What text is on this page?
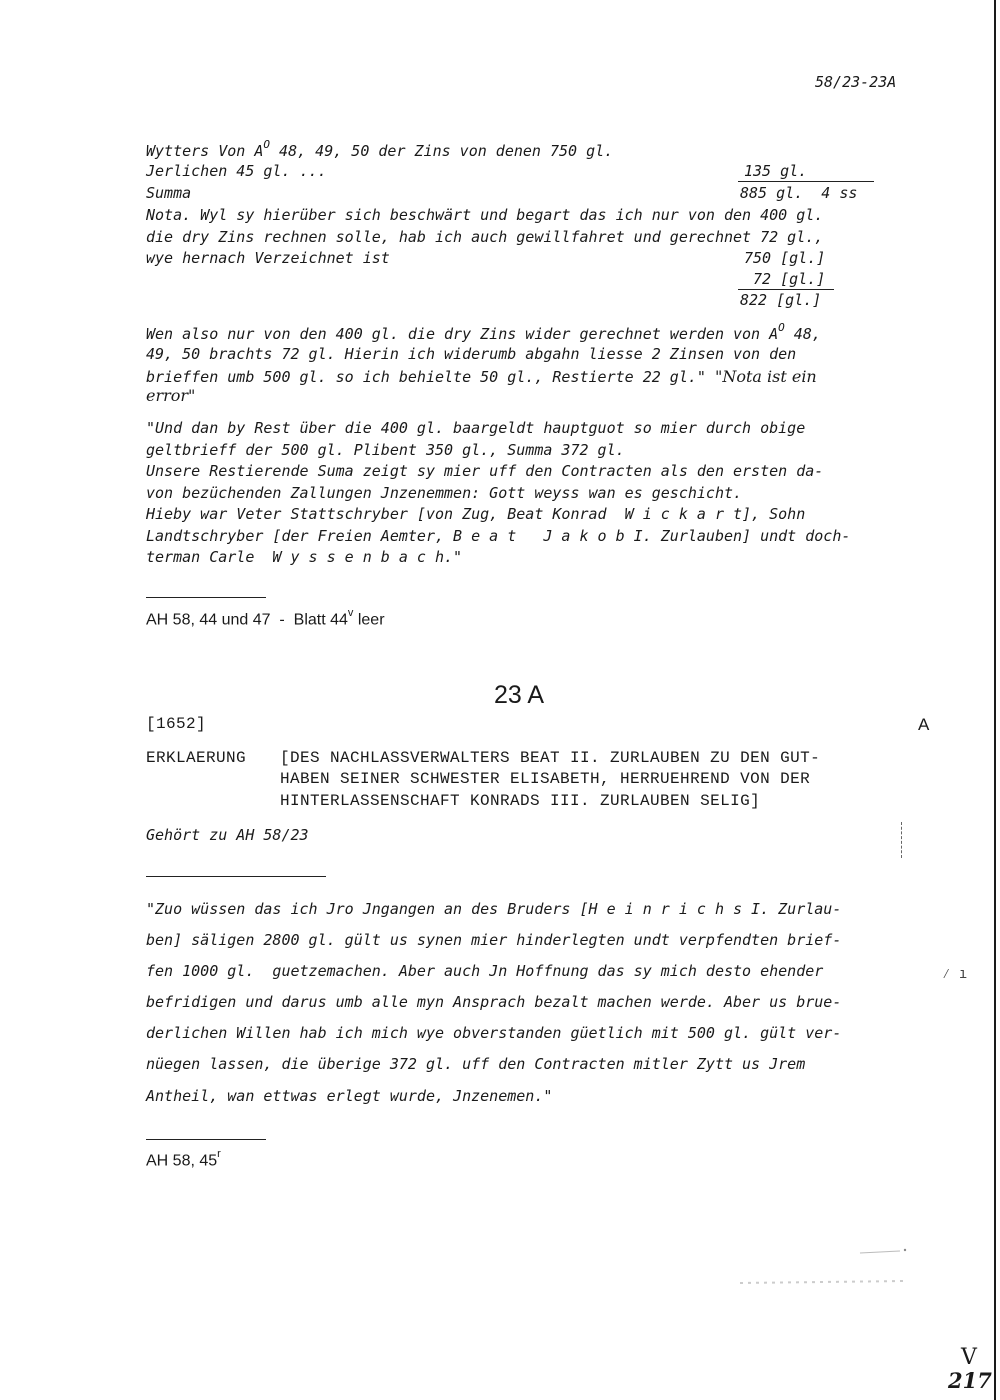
58/23-23A
Wytters Von $A^O$ 48, 49, 50 der Zins von denen 750 gl.
Jerlichen 45 gl. ...	135 gl.
Summa	885 gl.  4 ss
Nota. Wyl sy hierüber sich beschwärt und begart das ich nur von den 400 gl.
die dry Zins rechnen solle, hab ich auch gewillfahret und gerechnet 72 gl.,
wye hernach Verzeichnet ist	750 [gl.]
72 [gl.]
822 [gl.]
Wen also nur von den 400 gl. die dry Zins wider gerechnet werden von $A^O$ 48,
49, 50 brachts 72 gl. Hierin ich widerumb abgahn liesse 2 Zinsen von den
brieffen umb 500 gl. so ich behielte 50 gl., Restierte 22 gl." "Nota ist ein
error"
"Und dan by Rest über die 400 gl. baargeldt hauptguot so mier durch obige
geltbrieff der 500 gl. Plibent 350 gl., Summa 372 gl.
Unsere Restierende Suma zeigt sy mier uff den Contracten als den ersten da-
von bezüchenden Zallungen Jnzenemmen: Gott weyss wan es geschicht.
Hieby war Veter Stattschryber [von Zug, Beat Konrad  W i c k a r t], Sohn
Landtschryber [der Freien Aemter, B e a t   J a k o b I. Zurlauben] undt doch-
terman Carle  W y s s e n b a c h."
AH 58, 44 und 47  -  Blatt 44$^v$ leer
23 A
[1652]	A
ERKLAERUNG [DES NACHLASSVERWALTERS BEAT II. ZURLAUBEN ZU DEN GUT-
HABEN SEINER SCHWESTER ELISABETH, HERRUEHREND VON DER
HINTERLASSENSCHAFT KONRADS III. ZURLAUBEN SELIG]
Gehört zu AH 58/23
"Zuo wüssen das ich Jro Jngangen an des Bruders [H e i n r i c h s I. Zurlau-
ben] säligen 2800 gl. gült us synen mier hinderlegten undt verpfendten brief-
fen 1000 gl.  guetzemachen. Aber auch Jn Hoffnung das sy mich desto ehender
befridigen und darus umb alle myn Ansprach bezalt machen werde. Aber us brue-
derlichen Willen hab ich mich wye obverstanden güetlich mit 500 gl. gült ver-
nüegen lassen, die überige 372 gl. uff den Contracten mitler Zytt us Jrem
Antheil, wan ettwas erlegt wurde, Jnzenemen."
⁄ ı
AH 58, 45$^r$
V
217
